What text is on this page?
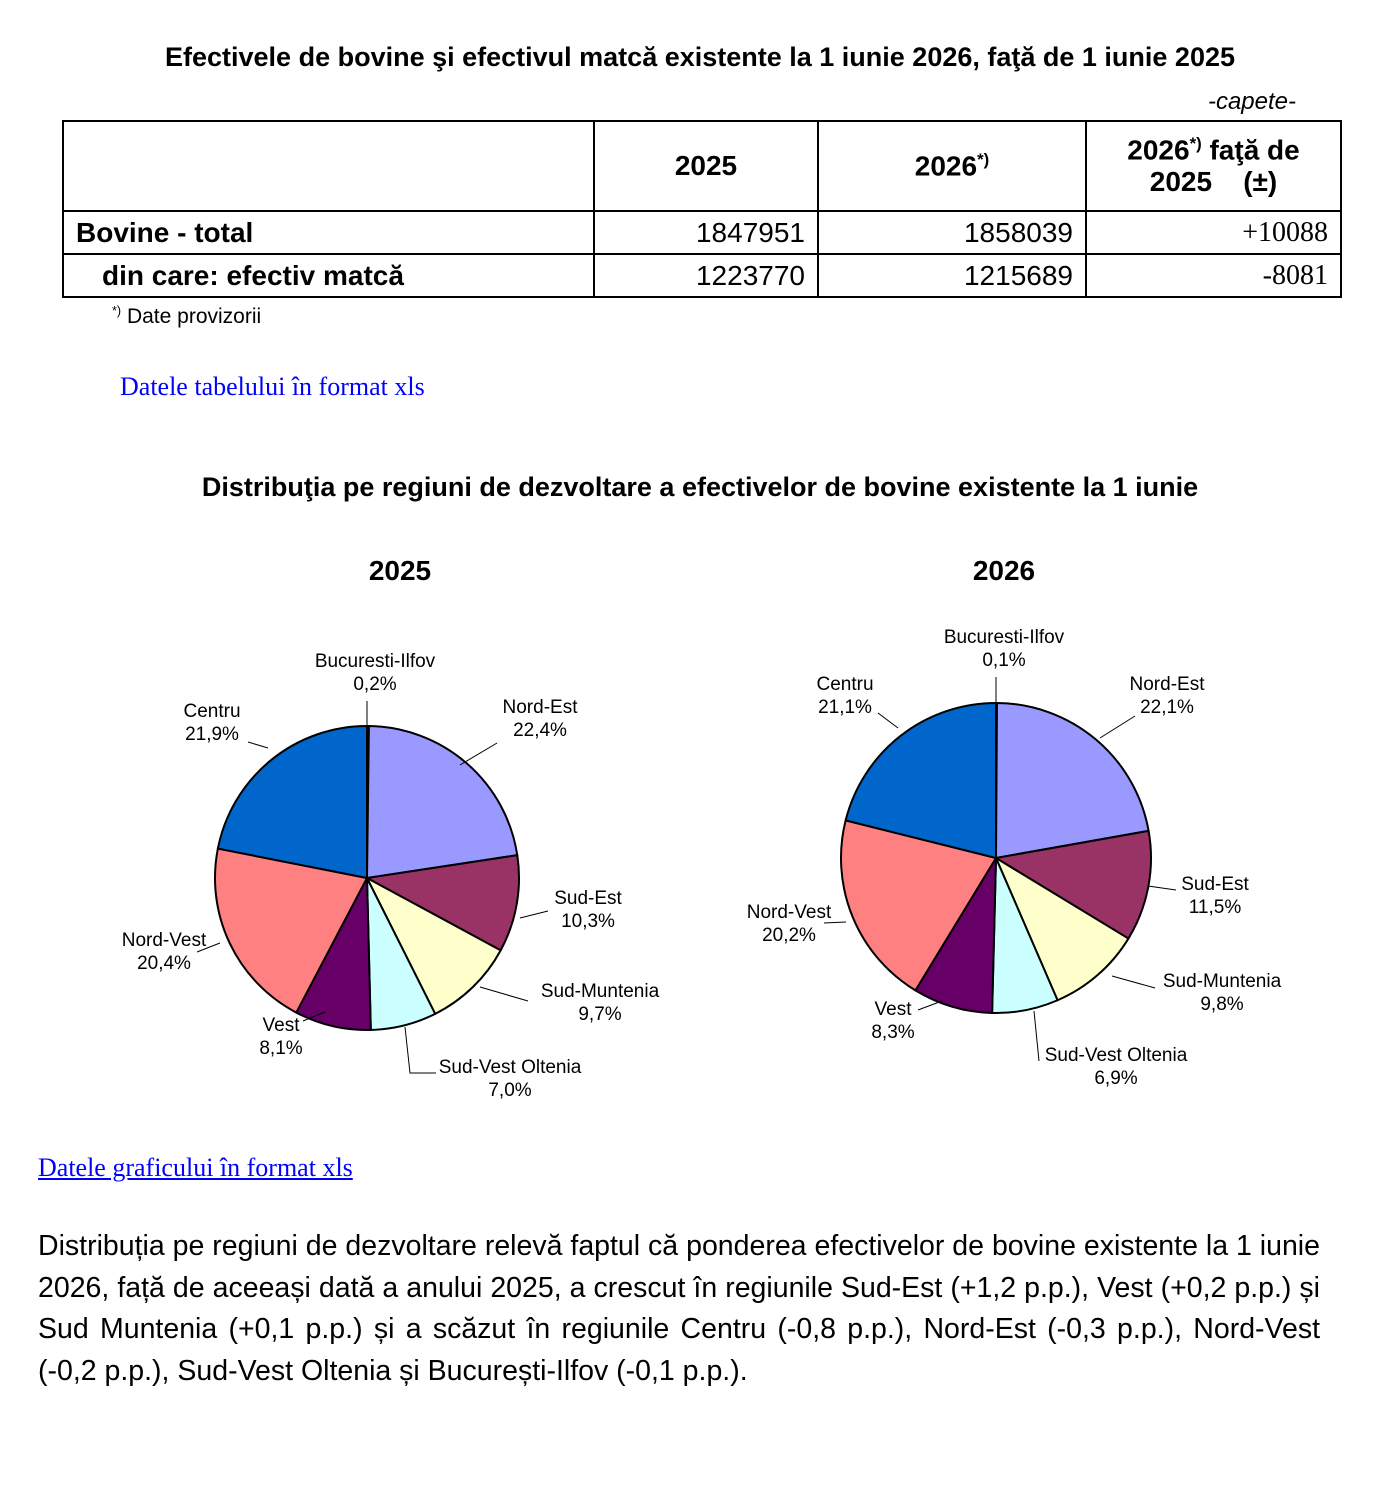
Efectivele de bovine şi efectivul matcă existente la 1 iunie 2026, faţă de 1 iunie 2025
-capete-
	2025	2026*)	2026*) faţă de
2025 (±)
Bovine - total	1847951	1858039	+10088
din care: efectiv matcă	1223770	1215689	-8081
*) Date provizorii
Datele tabelului în format xls
Distribuţia pe regiuni de dezvoltare a efectivelor de bovine existente la 1 iunie
2025	2026
Bucuresti-Ilfov
0,2%
Nord-Est
22,4%
Sud-Est
10,3%
Sud-Muntenia
9,7%
Sud-Vest Oltenia
7,0%
Vest
8,1%
Nord-Vest
20,4%
Centru
21,9%
Bucuresti-Ilfov
0,1%
Nord-Est
22,1%
Sud-Est
11,5%
Sud-Muntenia
9,8%
Sud-Vest Oltenia
6,9%
Vest
8,3%
Nord-Vest
20,2%
Centru
21,1%
Datele graficului în format xls
Distribuția pe regiuni de dezvoltare relevă faptul că ponderea efectivelor de bovine existente la 1 iunie 2026, față de aceeași dată a anului 2025, a crescut în regiunile Sud-Est (+1,2 p.p.), Vest (+0,2 p.p.) și Sud Muntenia (+0,1 p.p.) și a scăzut în regiunile Centru (-0,8 p.p.), Nord-Est (-0,3 p.p.), Nord-Vest (-0,2 p.p.), Sud-Vest Oltenia și București-Ilfov (-0,1 p.p.).
